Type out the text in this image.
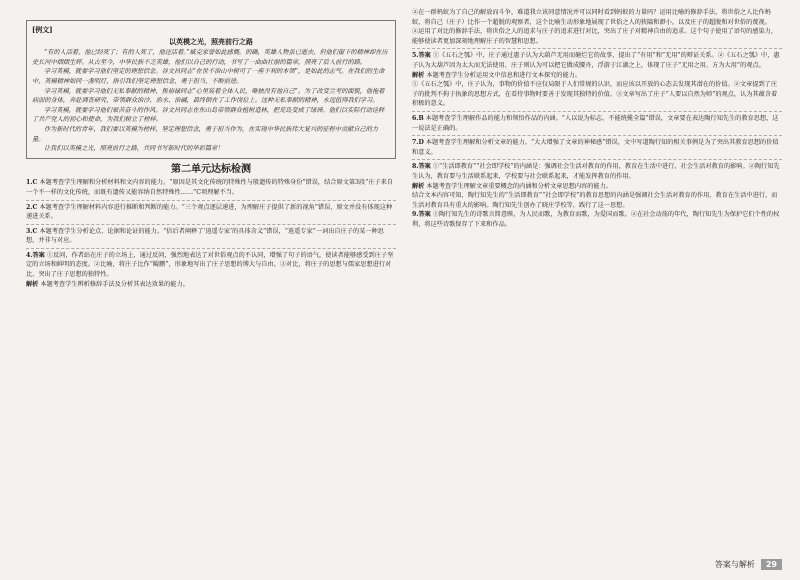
[例文]
以英模之光，照亮前行之路

“有的人活着，他已经死了；有的人死了，他还活着。”臧克家曾如此感慨。的确，英雄人物虽已逝去，但他们留下的精神却在历史长河中熠熠生辉。从古至今，中华民族不乏英雄，他们以自己的行动，书写了一曲曲壮丽的篇章，照亮了后人前行的路。

学习英模，就要学习他们坚定的理想信念。谷文昌同志“在世不治山中树可了一座不利的本领”，是如此的志气。在我们的生命中，英模精神如同一盏明灯，指引我们坚定理想信念，勇于担当，不断前进。

学习英模，就要学习他们无私奉献的精神，焦裕禄同志“心里装着全体人民，唯独没有他自己”。为了改变兰考的面貌，他拖着病弱的身体，奔赴调查研究，带领群众治沙、治水、治碱，最终倒在了工作岗位上。这种无私奉献的精神，永远值得我们学习。

学习英模，就要学习他们艰苦奋斗的作风。谷文昌同志在东山岛带领群众植树造林，把荒岛变成了绿洲。他们以实际行动诠释了共产党人的初心和使命，为我们树立了榜样。

作为新时代的青年，我们要以英模为榜样，坚定理想信念，勇于担当作为，在实现中华民族伟大复兴的征程中贡献自己的力量。

让我们以英模之光，照亮前行之路，共同书写新时代的华彩篇章！

第二单元达标检测

1.C 本题考查学生理解和分析材料和文内容的能力。“原因是其文化传统的特殊性与般遗传的特殊身份”错误，结合原文第3段“庄子来自一个不一样的文化传统，而既有遗传又能容纳自然特殊性……”C项理解不当。

2.C 本题考查学生理解材料内容进行推断和判断的能力。“三个观点逐层递进，为理解庄子提供了新的视角”错误，原文并没有体现这种递进关系。

3.C 本题考查学生分析论点、论据和论证的能力。“倍后者阐释了‘逍遥专家’的具体含义”错误，“逍遥专家”一词出自庄子的某一种思想，并非与对应。

4.答案 ①反问，作者站在庄子的立场上，通过反问，强烈地表达了对世俗观点的不认同，增强了句子的语气，使读者能够感受到庄子坚定的立场和鲜明的态度。②比喻，将庄子比作“鲲鹏”，形象地写出了庄子思想的博大与自由。③对比，将庄子的思想与儒家思想进行对比，突出了庄子思想的独特性。

解析 本题考查学生辨析修辞手法及分析其表达效果的能力。

②在一群蚂蚁为了自己的解放而斗争，难道我立该同意情况并可以同时看到蚂蚁的力量吗？运用比喻的修辞手法，将世俗之人比作蚂蚁，将自己（庄子）比作一个超脱的观察者，这个比喻生动形象地展现了世俗之人的狭隘和渺小，以及庄子的超脱和对世俗的蔑视。

②运用了对比的修辞手法，将世俗之人的追求与庄子的追求进行对比，突出了庄子对精神自由的追求。这个句子使用了语句的感染力，能够使读者更加深刻地理解庄子的智慧和思想。

5.答案 ①《五石之瓠》中，庄子通过惠子认为大葫芦无用而砸烂它的故事，提出了“有用”和“无用”的辩证关系。②《五石之瓠》中，惠子认为大葫芦因为太大而无法使用，庄子则认为可以把它做成腰舟，浮游于江湖之上，体现了庄子“无用之用，方为大用”的观点。

解析 本题考查学生分析运用文中信息和进行文本探究的能力。

①《五石之瓠》中，庄子认为，事物的价值不应仅局限于人们常规的认识，而应该以开放的心态去发现其潜在的价值。②文章提到了庄子的批判不拘于执象的思想方式，在看待事物时要善于发现其独特的价值。③文章写出了庄子“人要以自然为师”的观点，认为其蕴含着积极的意义。

6.B 本题考查学生理解作品的能力和领悟作品的内涵。“人以说为标志，不能统揽全篇”错误，文章要在表达陶行知先生的教育思想，这一说法是正确的。

7.D 本题考查学生理解和分析文章的能力。“大大增强了文章的神秘感”错误，文中写道陶行知的相关事例是为了突出其教育思想的价值和意义。

8.答案 ①“生活即教育”“社会即学校”的内涵是：强调社会生活对教育的作用，教育在生活中进行，社会生活对教育的影响。②陶行知先生认为，教育要与生活联系起来，学校要与社会联系起来，才能发挥教育的作用。

解析 本题考查学生理解文章重要概念的内涵和分析文章思想内容的能力。

结合文本内容可知，陶行知先生的“生活即教育”“社会即学校”的教育思想的内涵是强调社会生活对教育的作用，教育在生活中进行，而生活对教育具有重大的影响。陶行知先生创办了晓庄学校等，践行了这一思想。

9.答案 ①陶行知先生的诗歌言简意赅，为人民而歌，为教育而歌，为爱国而歌。②在社会动荡的年代，陶行知先生为保护它们个性的权利，将这些诗歌保存了下来和作品。

答案与解析	29
